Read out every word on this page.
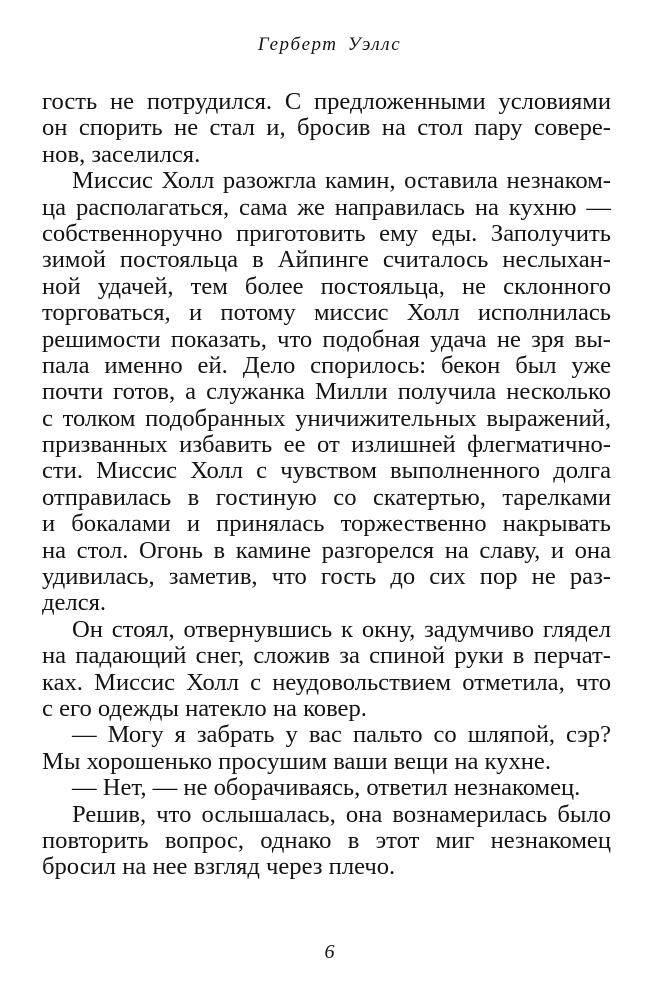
Герберт Уэллс
гость не потрудился. С предложенными условиями
он спорить не стал и, бросив на стол пару соверe-
нов, заселился.
Миссис Холл разожгла камин, оставила незнаком-
ца располагаться, сама же направилась на кухню —
собственноручно приготовить ему еды. Заполучить
зимой постояльца в Айпинге считалось неслыхан-
ной удачей, тем более постояльца, не склонного
торговаться, и потому миссис Холл исполнилась
решимости показать, что подобная удача не зря вы-
пала именно ей. Дело спорилось: бекон был уже
почти готов, а служанка Милли получила несколько
с толком подобранных уничижительных выражений,
призванных избавить ее от излишней флегматично-
сти. Миссис Холл с чувством выполненного долга
отправилась в гостиную со скатертью, тарелками
и бокалами и принялась торжественно накрывать
на стол. Огонь в камине разгорелся на славу, и она
удивилась, заметив, что гость до сих пор не раз-
делся.
Он стоял, отвернувшись к окну, задумчиво глядел
на падающий снег, сложив за спиной руки в перчат-
ках. Миссис Холл с неудовольствием отметила, что
с его одежды натекло на ковер.
— Могу я забрать у вас пальто со шляпой, сэр?
Мы хорошенько просушим ваши вещи на кухне.
— Нет, — не оборачиваясь, ответил незнакомец.
Решив, что ослышалась, она вознамерилась было
повторить вопрос, однако в этот миг незнакомец
бросил на нее взгляд через плечо.
6
